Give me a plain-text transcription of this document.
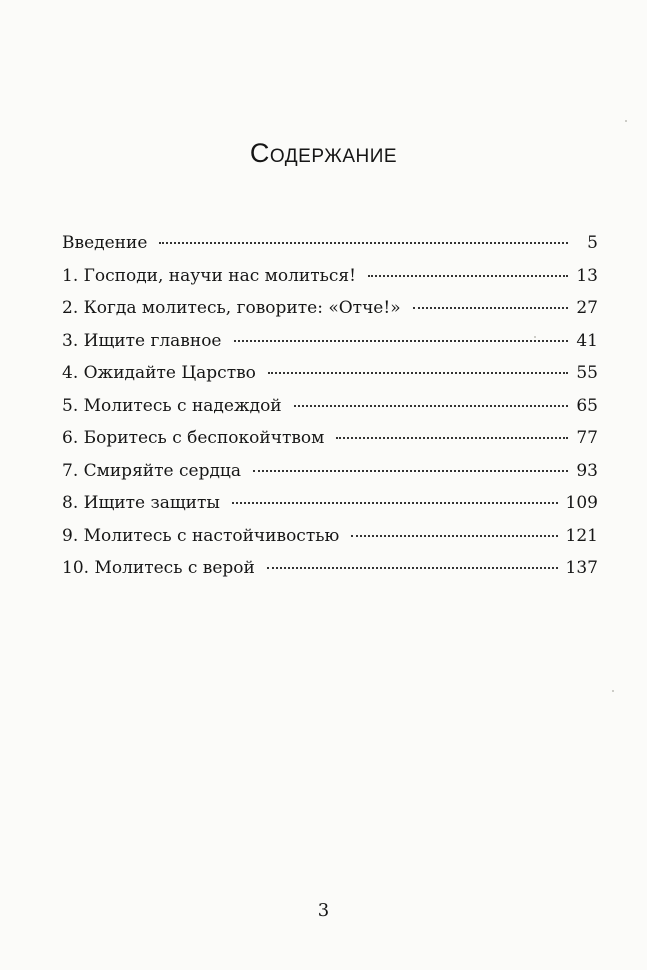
Содержание
Введение	5
1. Господи, научи нас молиться!	13
2. Когда молитесь, говорите: «Отче!»	27
3. Ищите главное	41
4. Ожидайте Царство	55
5. Молитесь с надеждой	65
6. Боритесь с беспокойчтвом	77
7. Смиряйте сердца	93
8. Ищите защиты	109
9. Молитесь с настойчивостью	121
10. Молитесь с верой	137
3
